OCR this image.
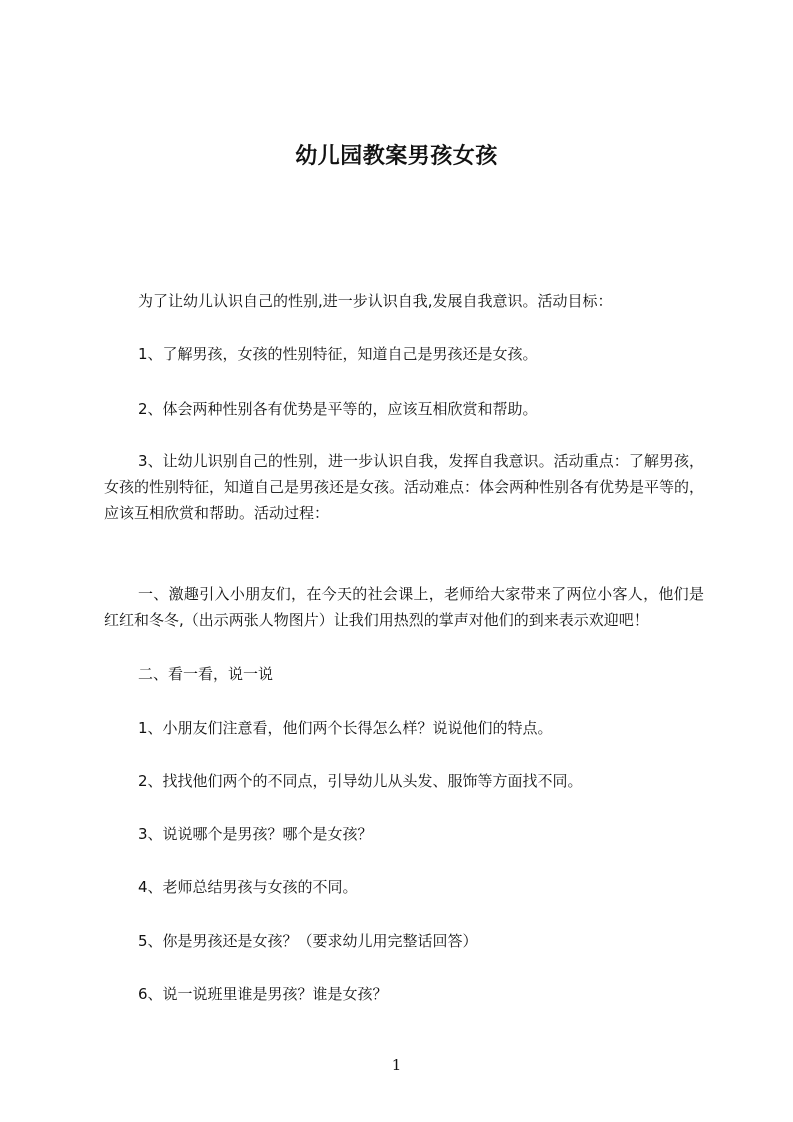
幼儿园教案男孩女孩
为了让幼儿认识自己的性别,进一步认识自我,发展自我意识。活动目标：
1、了解男孩，女孩的性别特征，知道自己是男孩还是女孩。
2、体会两种性别各有优势是平等的，应该互相欣赏和帮助。
3、让幼儿识别自己的性别，进一步认识自我，发挥自我意识。活动重点：了解男孩，女孩的性别特征，知道自己是男孩还是女孩。活动难点：体会两种性别各有优势是平等的，应该互相欣赏和帮助。活动过程：
一、激趣引入小朋友们，在今天的社会课上，老师给大家带来了两位小客人，他们是红红和冬冬,（出示两张人物图片）让我们用热烈的掌声对他们的到来表示欢迎吧！
二、看一看，说一说
1、小朋友们注意看，他们两个长得怎么样？说说他们的特点。
2、找找他们两个的不同点，引导幼儿从头发、服饰等方面找不同。
3、说说哪个是男孩？哪个是女孩？
4、老师总结男孩与女孩的不同。
5、你是男孩还是女孩？（要求幼儿用完整话回答）
6、说一说班里谁是男孩？谁是女孩？
1
